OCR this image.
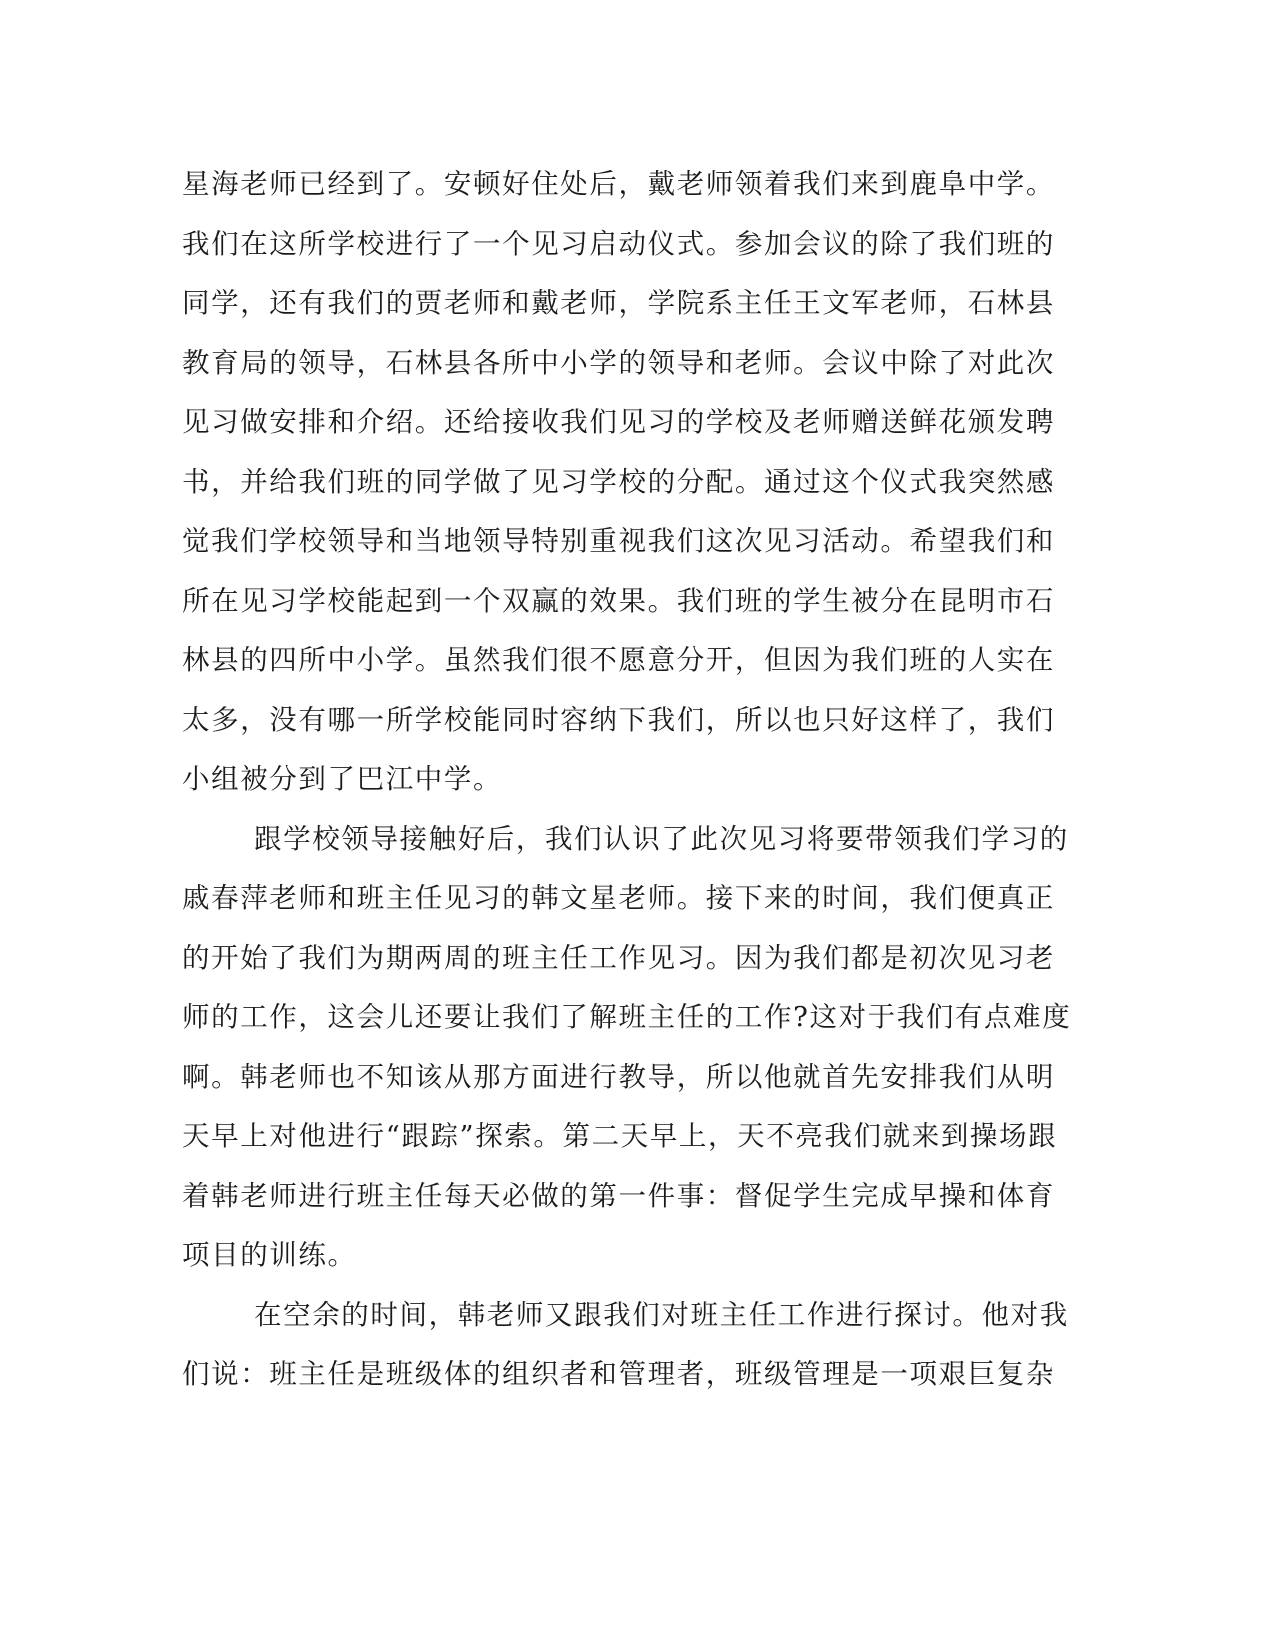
星海老师已经到了。安顿好住处后，戴老师领着我们来到鹿阜中学。
我们在这所学校进行了一个见习启动仪式。参加会议的除了我们班的
同学，还有我们的贾老师和戴老师，学院系主任王文军老师，石林县
教育局的领导，石林县各所中小学的领导和老师。会议中除了对此次
见习做安排和介绍。还给接收我们见习的学校及老师赠送鲜花颁发聘
书，并给我们班的同学做了见习学校的分配。通过这个仪式我突然感
觉我们学校领导和当地领导特别重视我们这次见习活动。希望我们和
所在见习学校能起到一个双赢的效果。我们班的学生被分在昆明市石
林县的四所中小学。虽然我们很不愿意分开，但因为我们班的人实在
太多，没有哪一所学校能同时容纳下我们，所以也只好这样了，我们
小组被分到了巴江中学。
跟学校领导接触好后，我们认识了此次见习将要带领我们学习的
戚春萍老师和班主任见习的韩文星老师。接下来的时间，我们便真正
的开始了我们为期两周的班主任工作见习。因为我们都是初次见习老
师的工作，这会儿还要让我们了解班主任的工作?这对于我们有点难度
啊。韩老师也不知该从那方面进行教导，所以他就首先安排我们从明
天早上对他进行“跟踪”探索。第二天早上，天不亮我们就来到操场跟
着韩老师进行班主任每天必做的第一件事：督促学生完成早操和体育
项目的训练。
在空余的时间，韩老师又跟我们对班主任工作进行探讨。他对我
们说：班主任是班级体的组织者和管理者，班级管理是一项艰巨复杂
